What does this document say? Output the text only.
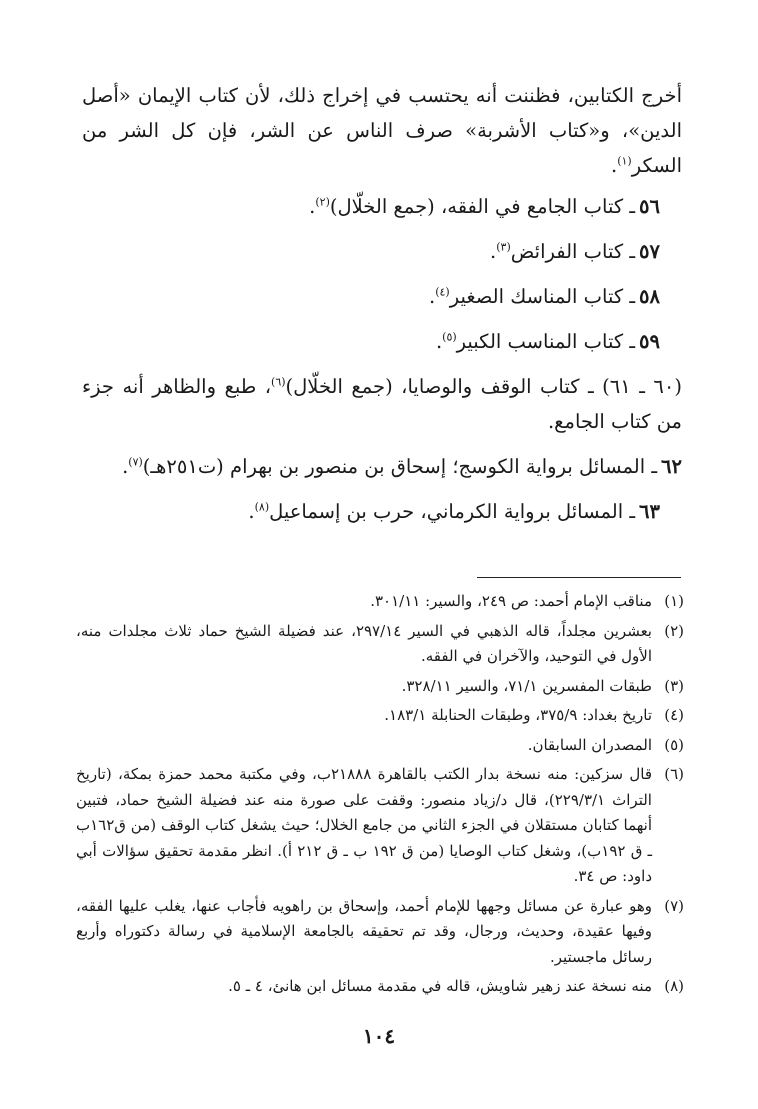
أخرج الكتابين، فظننت أنه يحتسب في إخراج ذلك، لأن كتاب الإيمان «أصل الدين»، و«كتاب الأشربة» صرف الناس عن الشر، فإن كل الشر من السكر$^{(١)}$.

٥٦ـ كتاب الجامع في الفقه، (جمع الخلّال)$^{(٢)}$.

٥٧ـ كتاب الفرائض$^{(٣)}$.

٥٨ـ كتاب المناسك الصغير$^{(٤)}$.

٥٩ـ كتاب المناسب الكبير$^{(٥)}$.

(٦٠ ـ ٦١) ـ كتاب الوقف والوصايا، (جمع الخلّال)$^{(٦)}$، طبع والظاهر أنه جزء من كتاب الجامع.

٦٢ـ المسائل برواية الكوسج؛ إسحاق بن منصور بن بهرام (ت٢٥١هـ)$^{(٧)}$.

٦٣ـ المسائل برواية الكرماني، حرب بن إسماعيل$^{(٨)}$.

(١)
مناقب الإمام أحمد: ص ٢٤٩، والسير: ٣٠١/١١.
(٢)
بعشرين مجلداً، قاله الذهبي في السير ٢٩٧/١٤، عند فضيلة الشيخ حماد ثلاث مجلدات منه، الأول في التوحيد، والآخران في الفقه.
(٣)
طبقات المفسرين ٧١/١، والسير ٣٢٨/١١.
(٤)
تاريخ بغداد: ٣٧٥/٩، وطبقات الحنابلة ١٨٣/١.
(٥)
المصدران السابقان.
(٦)
قال سزكين: منه نسخة بدار الكتب بالقاهرة ٢١٨٨٨ب، وفي مكتبة محمد حمزة بمكة، (تاريخ التراث ٢٢٩/٣/١)، قال د/زياد منصور: وقفت على صورة منه عند فضيلة الشيخ حماد، فتبين أنهما كتابان مستقلان في الجزء الثاني من جامع الخلال؛ حيث يشغل كتاب الوقف (من ق١٦٢ب ـ ق ١٩٢ب)، وشغل كتاب الوصايا (من ق ١٩٢ ب ـ ق ٢١٢ أ). انظر مقدمة تحقيق سؤالات أبي داود: ص ٣٤.
(٧)
وهو عبارة عن مسائل وجهها للإمام أحمد، وإسحاق بن راهويه فأجاب عنها، يغلب عليها الفقه، وفيها عقيدة، وحديث، ورجال، وقد تم تحقيقه بالجامعة الإسلامية في رسالة دكتوراه وأربع رسائل ماجستير.
(٨)
منه نسخة عند زهير شاويش، قاله في مقدمة مسائل ابن هانئ، ٤ ـ ٥.
١٠٤
